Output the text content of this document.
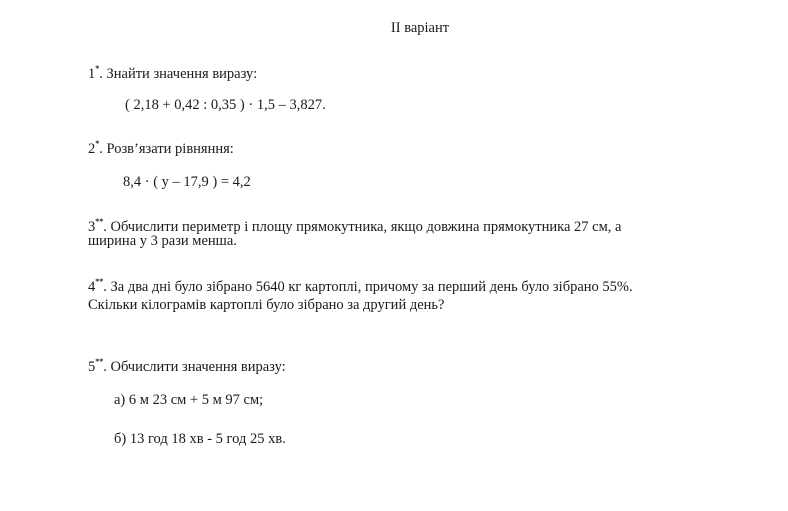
II варіант
1*. Знайти значення виразу:
( 2,18 + 0,42 : 0,35 ) · 1,5 – 3,827.
2*. Розв’язати рівняння:
8,4 · ( у – 17,9 ) = 4,2
3**. Обчислити периметр і площу прямокутника, якщо довжина прямокутника 27 см, а
ширина у 3 рази менша.
4**. За два дні було зібрано 5640 кг картоплі, причому за перший день було зібрано 55%.
Скільки кілограмів картоплі було зібрано за другий день?
5**. Обчислити значення виразу:
а) 6 м 23 см + 5 м 97 см;
б) 13 год 18 хв - 5 год 25 хв.
